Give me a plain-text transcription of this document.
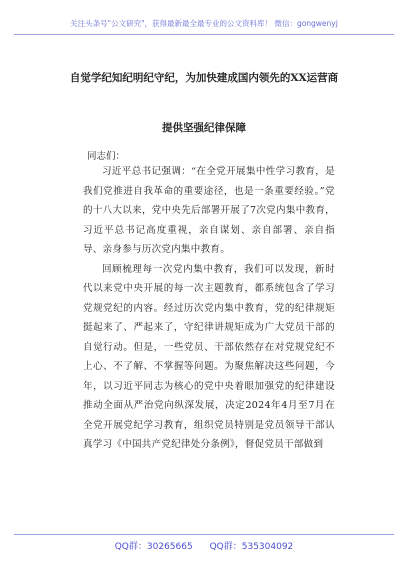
关注头条号"公文研究"，获得最新最全最专业的公文资料库！ 微信：gongwenyj
自觉学纪知纪明纪守纪，为加快建成国内领先的XX运营商
提供坚强纪律保障
同志们：

习近平总书记强调：“在全党开展集中性学习教育，是我们党推进自我革命的重要途径，也是一条重要经验。”党的十八大以来，党中央先后部署开展了7次党内集中教育，习近平总书记高度重视，亲自谋划、亲自部署、亲自指导、亲身参与历次党内集中教育。

回顾梳理每一次党内集中教育，我们可以发现，新时代以来党中央开展的每一次主题教育，都系统包含了学习党规党纪的内容。经过历次党内集中教育，党的纪律规矩挺起来了、严起来了，守纪律讲规矩成为广大党员干部的自觉行动。但是，一些党员、干部依然存在对党规党纪不上心、不了解、不掌握等问题。为聚焦解决这些问题，今年，以习近平同志为核心的党中央着眼加强党的纪律建设推动全面从严治党向纵深发展，决定2024年4月至7月在全党开展党纪学习教育，组织党员特别是党员领导干部认真学习《中国共产党纪律处分条例》，督促党员干部做到

QQ群：30265665 QQ群：535304092
